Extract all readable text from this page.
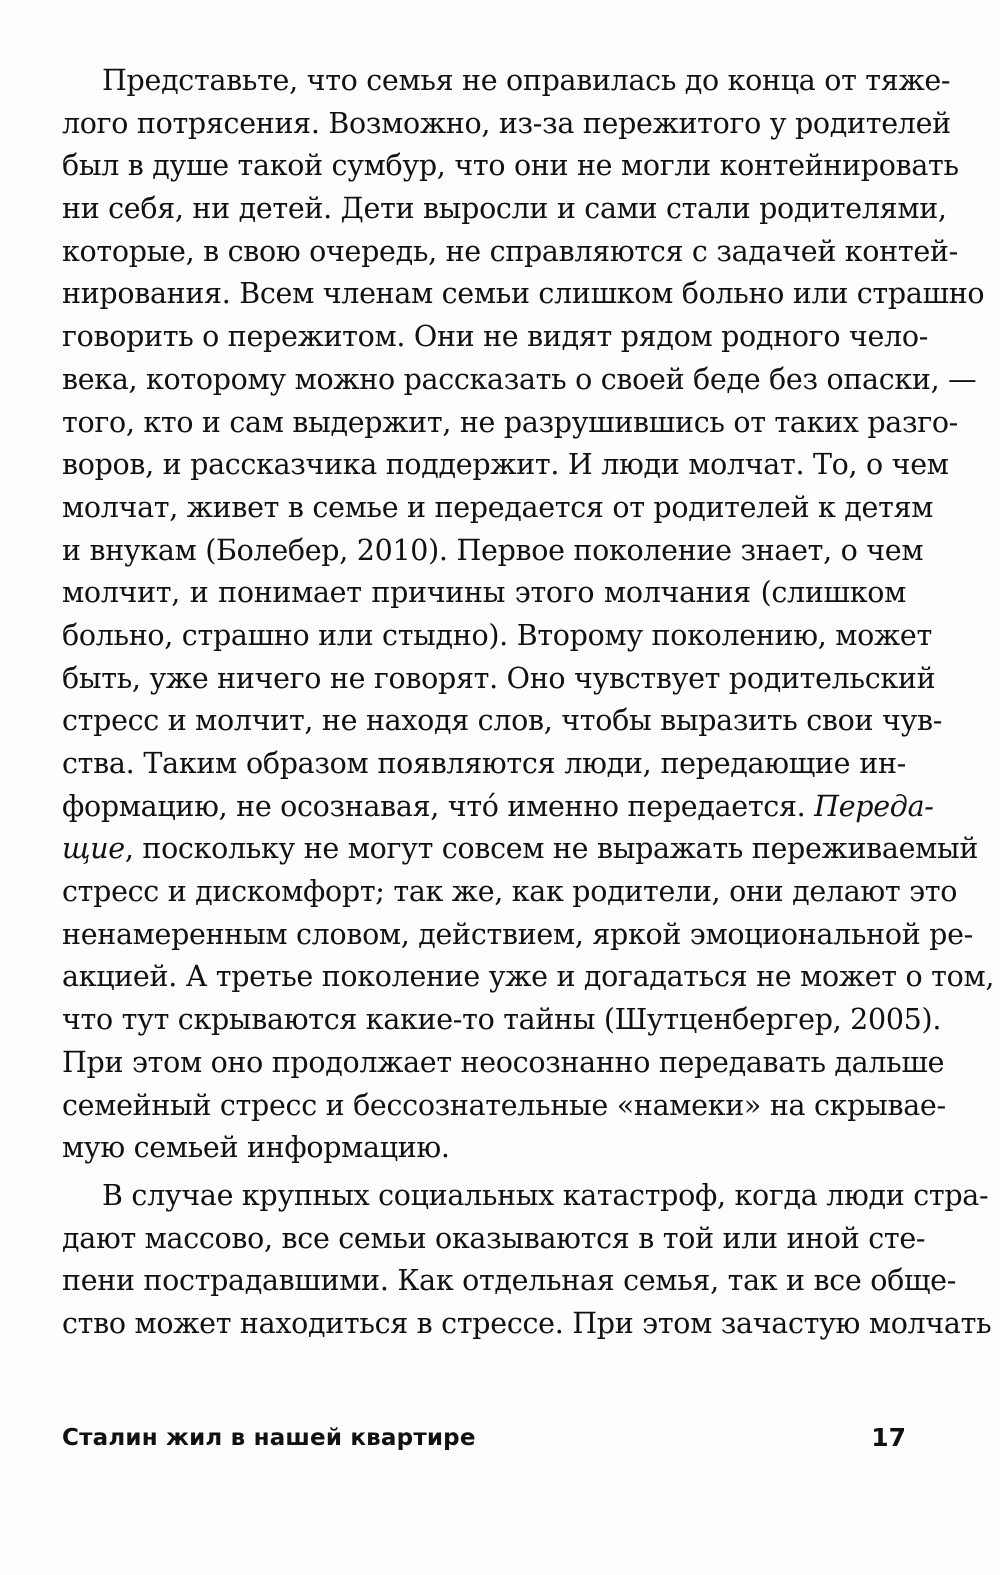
Представьте, что семья не оправилась до конца от тяже-
лого потрясения. Возможно, из-за пережитого у родителей
был в душе такой сумбур, что они не могли контейнировать
ни себя, ни детей. Дети выросли и сами стали родителями,
которые, в свою очередь, не справляются с задачей контей-
нирования. Всем членам семьи слишком больно или страшно
говорить о пережитом. Они не видят рядом родного чело-
века, которому можно рассказать о своей беде без опаски, —
того, кто и сам выдержит, не разрушившись от таких разго-
воров, и рассказчика поддержит. И люди молчат. То, о чем
молчат, живет в семье и передается от родителей к детям
и внукам (Болебер, 2010). Первое поколение знает, о чем
молчит, и понимает причины этого молчания (слишком
больно, страшно или стыдно). Второму поколению, может
быть, уже ничего не говорят. Оно чувствует родительский
стресс и молчит, не находя слов, чтобы выразить свои чув-
ства. Таким образом появляются люди, передающие ин-
формацию, не осознавая, чтó именно передается. Переда-
щие, поскольку не могут совсем не выражать переживаемый
стресс и дискомфорт; так же, как родители, они делают это
ненамеренным словом, действием, яркой эмоциональной ре-
акцией. А третье поколение уже и догадаться не может о том,
что тут скрываются какие-то тайны (Шутценбергер, 2005).
При этом оно продолжает неосознанно передавать дальше
семейный стресс и бессознательные «намеки» на скрывае-
мую семьей информацию.
В случае крупных социальных катастроф, когда люди стра-
дают массово, все семьи оказываются в той или иной сте-
пени пострадавшими. Как отдельная семья, так и все обще-
ство может находиться в стрессе. При этом зачастую молчать
Сталин жил в нашей квартире	17
